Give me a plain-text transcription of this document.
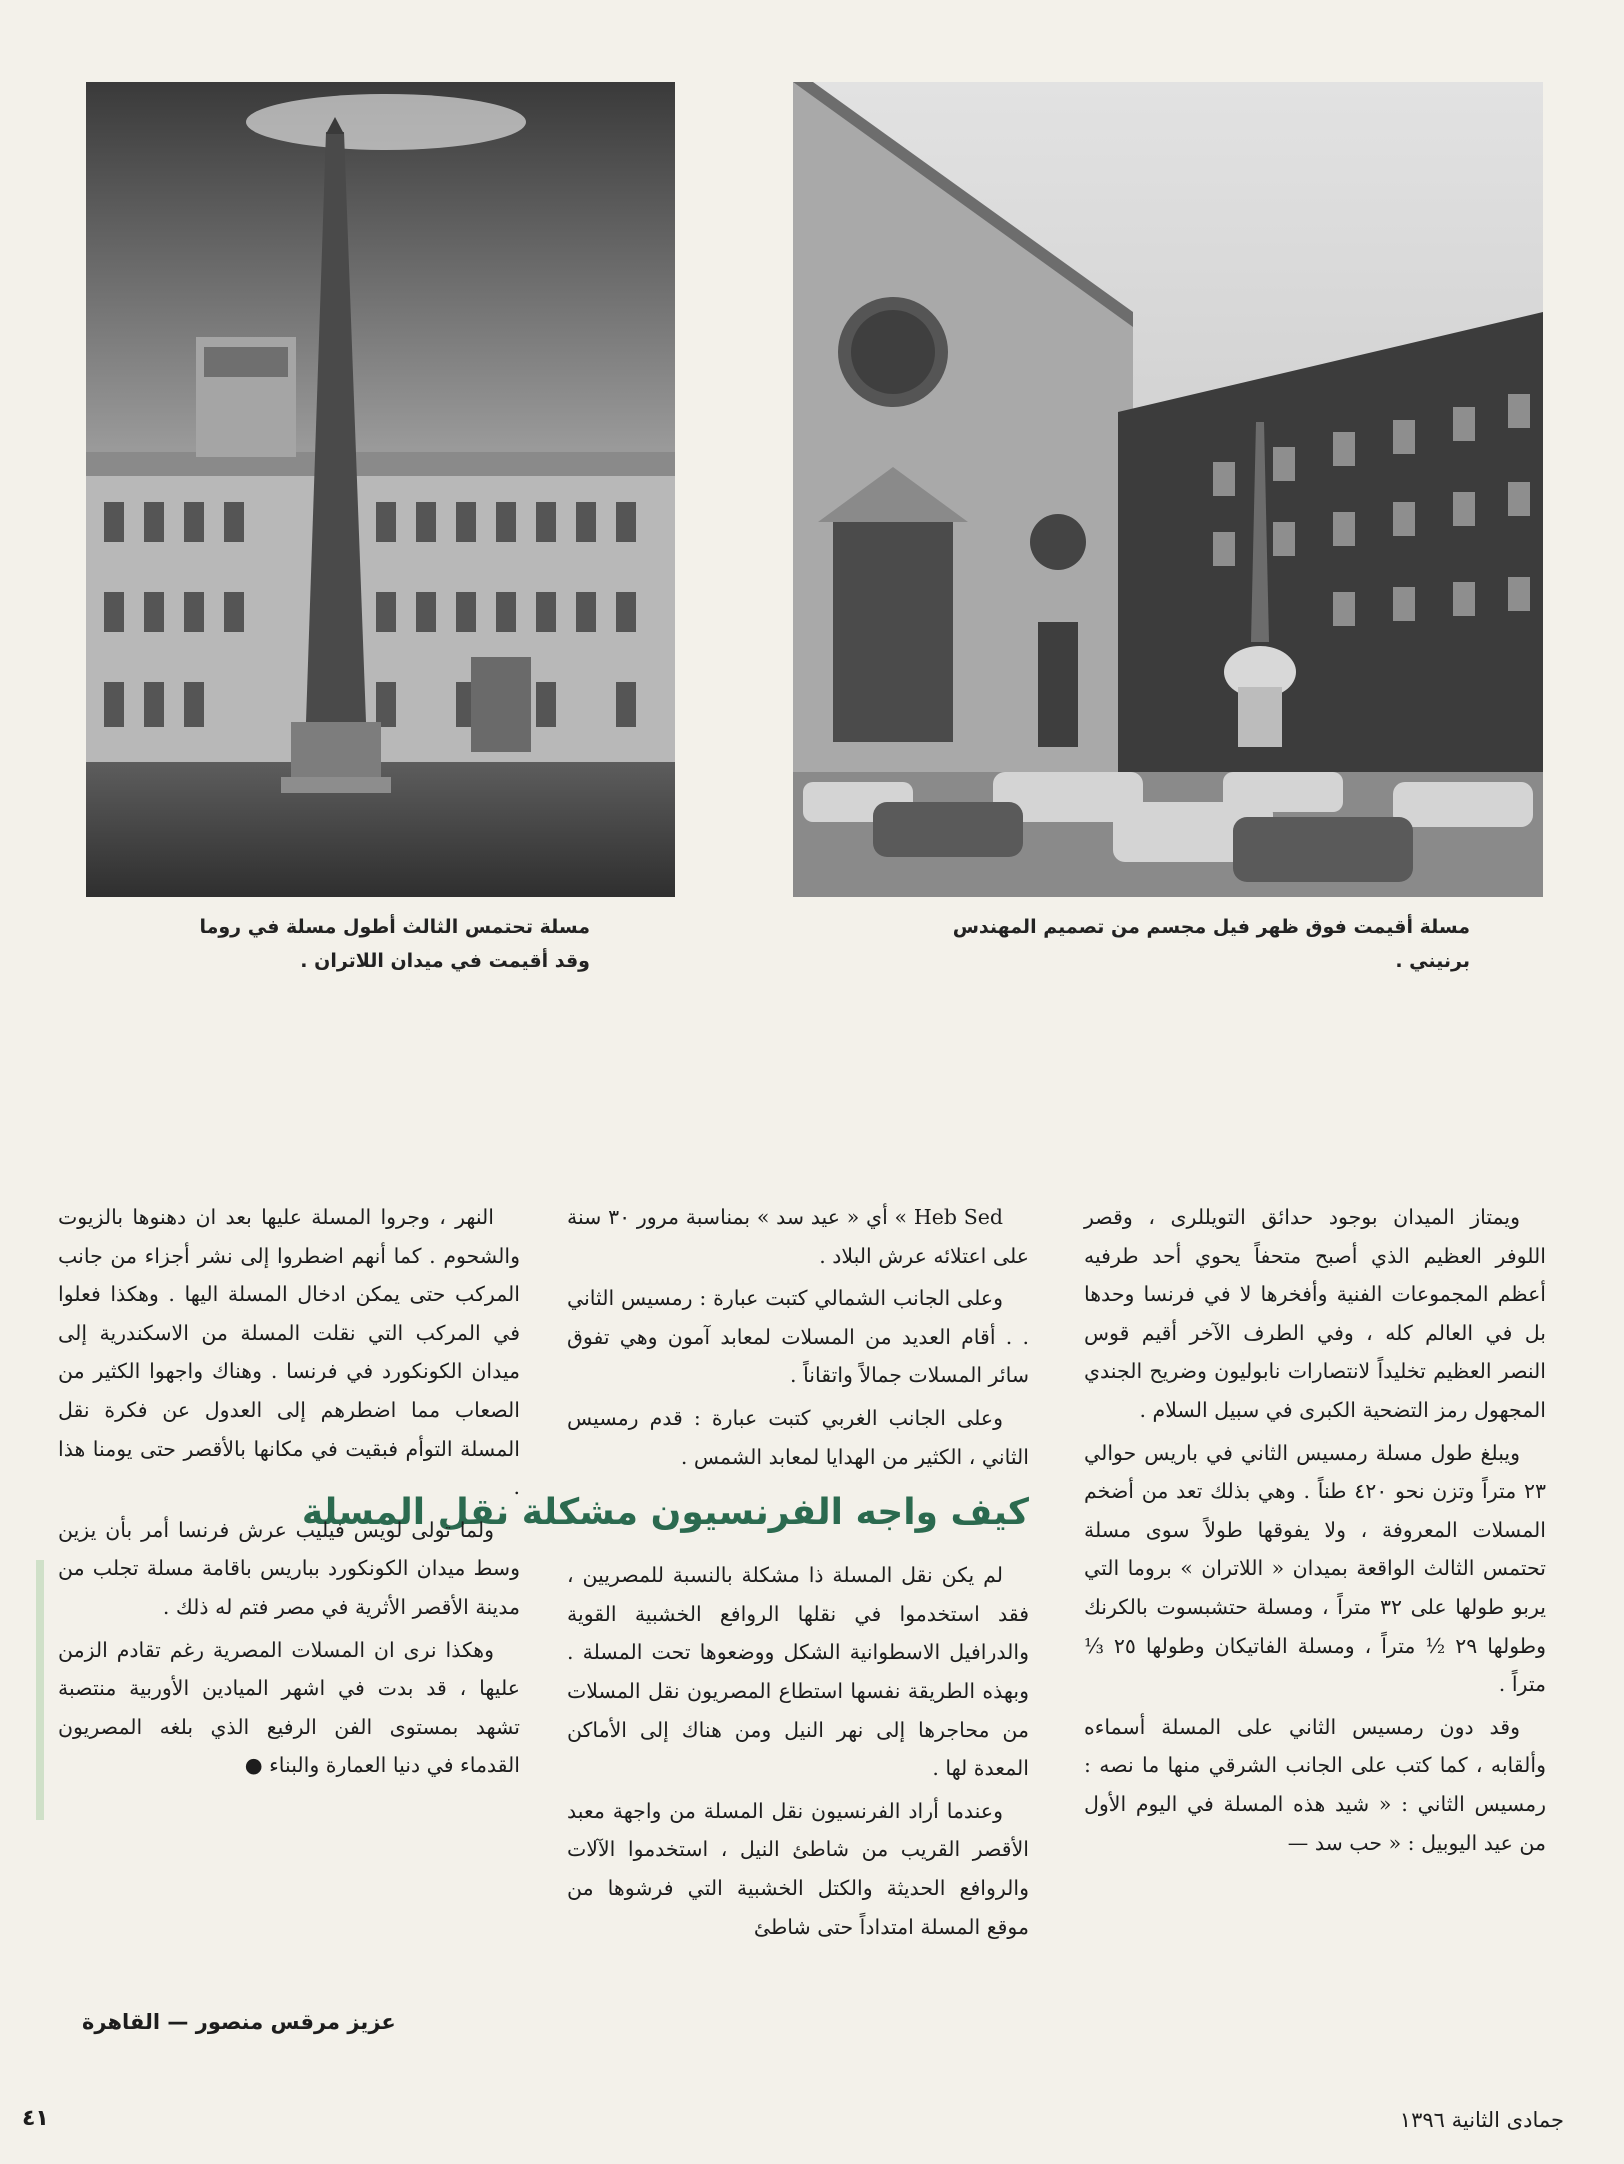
مسلة تحتمس الثالث أطول مسلة في روما وقد أقيمت في ميدان اللاتران .
مسلة أقيمت فوق ظهر فيل مجسم من تصميم المهندس برنيني .

ويمتاز الميدان بوجود حدائق التويللرى ، وقصر اللوفر العظيم الذي أصبح متحفاً يحوي أحد طرفيه أعظم المجموعات الفنية وأفخرها لا في فرنسا وحدها بل في العالم كله ، وفي الطرف الآخر أقيم قوس النصر العظيم تخليداً لانتصارات نابوليون وضريح الجندي المجهول رمز التضحية الكبرى في سبيل السلام .

ويبلغ طول مسلة رمسيس الثاني في باريس حوالي ٢٣ متراً وتزن نحو ٤٢٠ طناً . وهي بذلك تعد من أضخم المسلات المعروفة ، ولا يفوقها طولاً سوى مسلة تحتمس الثالث الواقعة بميدان « اللاتران » بروما التي يربو طولها على ٣٢ متراً ، ومسلة حتشبسوت بالكرنك وطولها ٢٩ ½ متراً ، ومسلة الفاتيكان وطولها ٢٥ ⅓ متراً .

وقد دون رمسيس الثاني على المسلة أسماءه وألقابه ، كما كتب على الجانب الشرقي منها ما نصه : رمسيس الثاني : « شيد هذه المسلة في اليوم الأول من عيد اليوبيل : « حب سد —

Heb Sed » أي « عيد سد » بمناسبة مرور ٣٠ سنة على اعتلائه عرش البلاد .

وعلى الجانب الشمالي كتبت عبارة : رمسيس الثاني . . أقام العديد من المسلات لمعابد آمون وهي تفوق سائر المسلات جمالاً واتقاناً .

وعلى الجانب الغربي كتبت عبارة : قدم رمسيس الثاني ، الكثير من الهدايا لمعابد الشمس .

كيف واجه الفرنسيون مشكلة نقل المسلة

لم يكن نقل المسلة ذا مشكلة بالنسبة للمصريين ، فقد استخدموا في نقلها الروافع الخشبية القوية والدرافيل الاسطوانية الشكل ووضعوها تحت المسلة . وبهذه الطريقة نفسها استطاع المصريون نقل المسلات من محاجرها إلى نهر النيل ومن هناك إلى الأماكن المعدة لها .

وعندما أراد الفرنسيون نقل المسلة من واجهة معبد الأقصر القريب من شاطئ النيل ، استخدموا الآلات والروافع الحديثة والكتل الخشبية التي فرشوها من موقع المسلة امتداداً حتى شاطئ

النهر ، وجروا المسلة عليها بعد ان دهنوها بالزيوت والشحوم . كما أنهم اضطروا إلى نشر أجزاء من جانب المركب حتى يمكن ادخال المسلة اليها . وهكذا فعلوا في المركب التي نقلت المسلة من الاسكندرية إلى ميدان الكونكورد في فرنسا . وهناك واجهوا الكثير من الصعاب مما اضطرهم إلى العدول عن فكرة نقل المسلة التوأم فبقيت في مكانها بالأقصر حتى يومنا هذا .

ولما تولى لويس فيليب عرش فرنسا أمر بأن يزين وسط ميدان الكونكورد بباريس باقامة مسلة تجلب من مدينة الأقصر الأثرية في مصر فتم له ذلك .

وهكذا نرى ان المسلات المصرية رغم تقادم الزمن عليها ، قد بدت في اشهر الميادين الأوربية منتصبة تشهد بمستوى الفن الرفيع الذي بلغه المصريون القدماء في دنيا العمارة والبناء ●

عزيز مرقس منصور — القاهرة
جمادى الثانية ١٣٩٦
٤١
